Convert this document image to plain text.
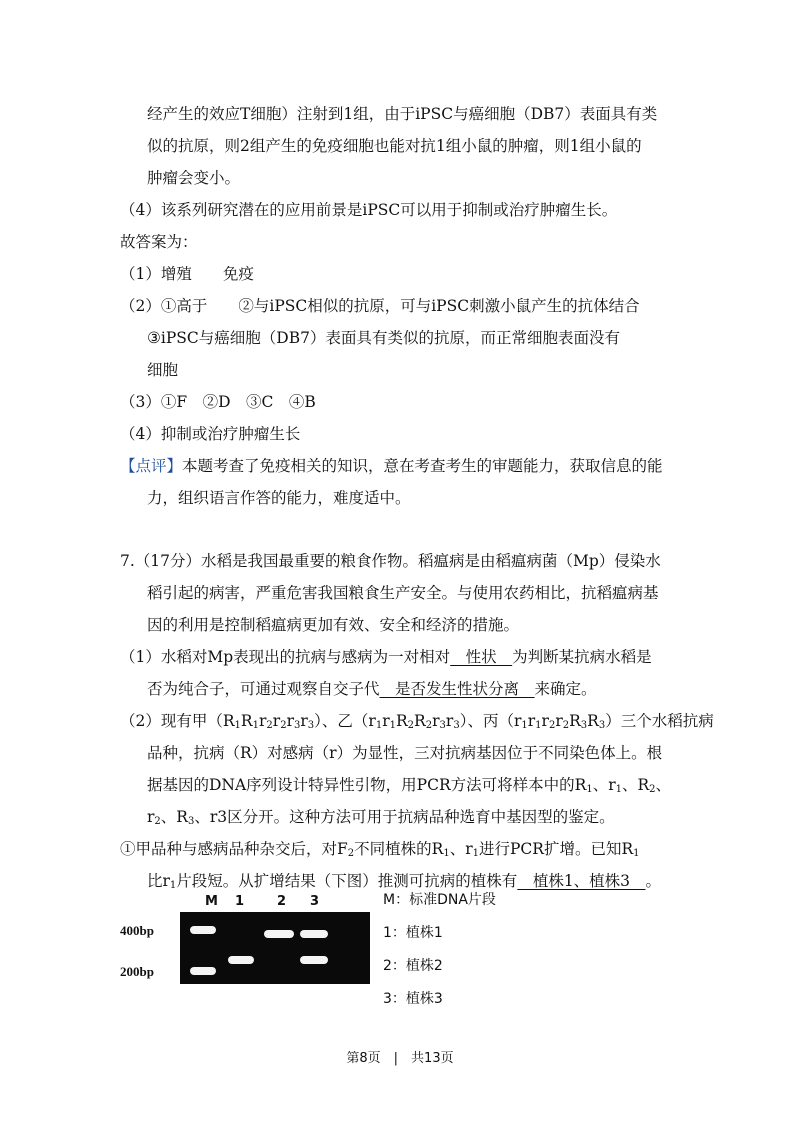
经产生的效应T细胞）注射到1组，由于iPSC与癌细胞（DB7）表面具有类
似的抗原，则2组产生的免疫细胞也能对抗1组小鼠的肿瘤，则1组小鼠的
肿瘤会变小。
（4）该系列研究潜在的应用前景是iPSC可以用于抑制或治疗肿瘤生长。
故答案为：
（1）增殖　　免疫
（2）①高于　　②与iPSC相似的抗原，可与iPSC刺激小鼠产生的抗体结合
③iPSC与癌细胞（DB7）表面具有类似的抗原，而正常细胞表面没有
细胞
（3）①F　②D　③C　④B
（4）抑制或治疗肿瘤生长
【点评】本题考查了免疫相关的知识，意在考查考生的审题能力，获取信息的能
力，组织语言作答的能力，难度适中。
7.（17分）水稻是我国最重要的粮食作物。稻瘟病是由稻瘟病菌（Mp）侵染水
稻引起的病害，严重危害我国粮食生产安全。与使用农药相比，抗稻瘟病基
因的利用是控制稻瘟病更加有效、安全和经济的措施。
（1）水稻对Mp表现出的抗病与感病为一对相对　性状　为判断某抗病水稻是
否为纯合子，可通过观察自交子代　是否发生性状分离　来确定。
（2）现有甲$(R_1R_1r_2r_2r_3r_3)$、乙$(r_1r_1R_2R_2r_3r_3)$、丙$(r_1r_1r_2r_2R_3R_3)$三个水稻抗病
品种，抗病（R）对感病（r）为显性，三对抗病基因位于不同染色体上。根
据基因的DNA序列设计特异性引物，用PCR方法可将样本中的$R_1$、$r_1$、$R_2$、
$r_2$、$R_3$、r3区分开。这种方法可用于抗病品种选育中基因型的鉴定。
①甲品种与感病品种杂交后，对$F_2$不同植株的$R_1$、$r_1$进行PCR扩增。已知$R_1$
比$r_1$片段短。从扩增结果（下图）推测可抗病的植株有　植株1、植株3　。
M 1	2 3
400bp
200bp
M：标准DNA片段
1：植株1
2：植株2
3：植株3
第8页　|　共13页
